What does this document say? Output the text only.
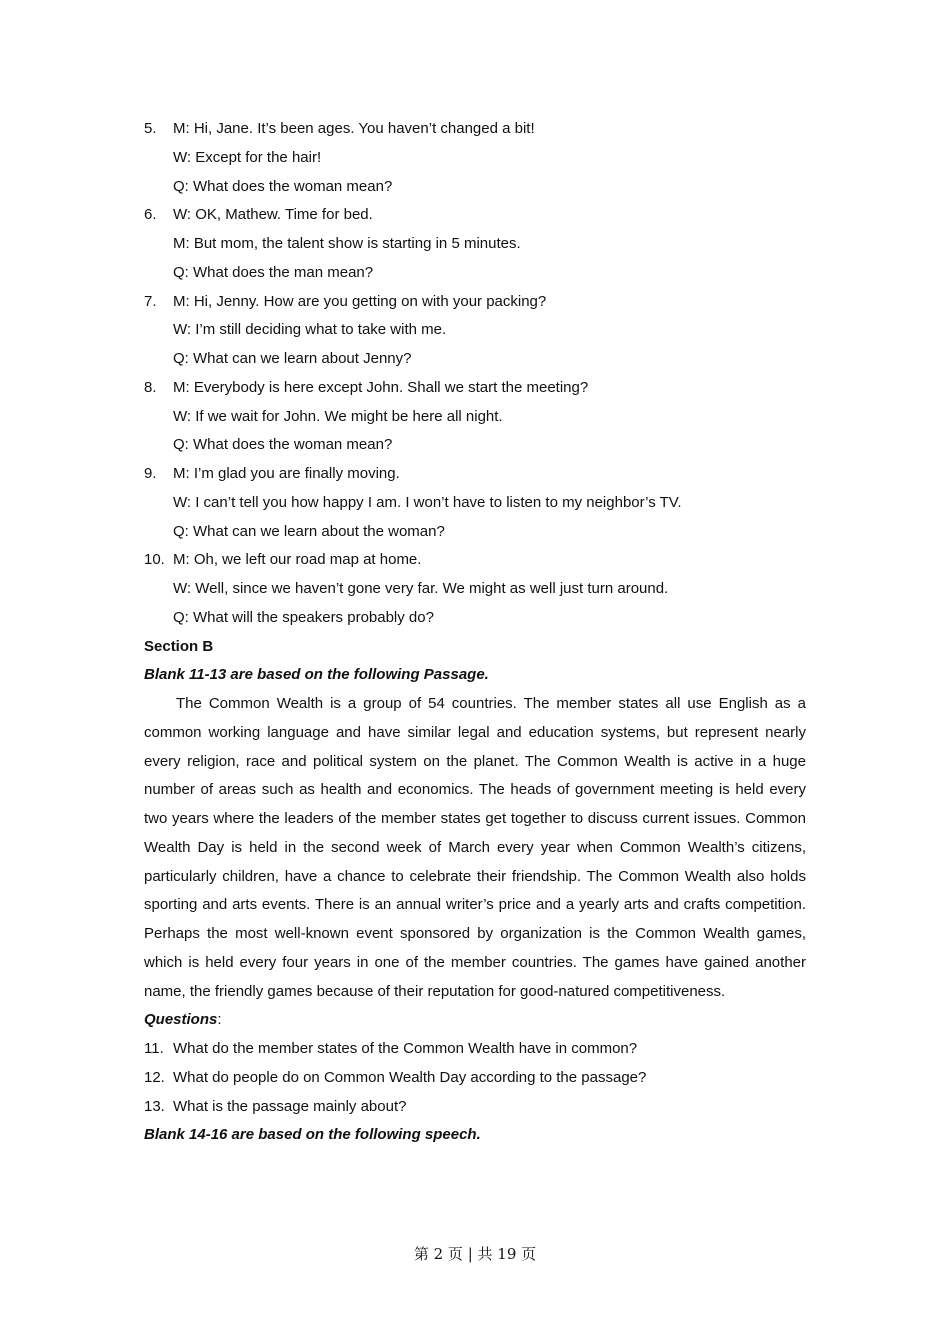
5. M: Hi, Jane. It’s been ages. You haven’t changed a bit!
W: Except for the hair!
Q: What does the woman mean?
6. W: OK, Mathew. Time for bed.
M: But mom, the talent show is starting in 5 minutes.
Q: What does the man mean?
7. M: Hi, Jenny. How are you getting on with your packing?
W: I’m still deciding what to take with me.
Q: What can we learn about Jenny?
8. M: Everybody is here except John. Shall we start the meeting?
W: If we wait for John. We might be here all night.
Q: What does the woman mean?
9. M: I’m glad you are finally moving.
W: I can’t tell you how happy I am. I won’t have to listen to my neighbor’s TV.
Q: What can we learn about the woman?
10. M: Oh, we left our road map at home.
W: Well, since we haven’t gone very far. We might as well just turn around.
Q: What will the speakers probably do?
Section B
Blank 11-13 are based on the following Passage.

The Common Wealth is a group of 54 countries. The member states all use English as a common working language and have similar legal and education systems, but represent nearly every religion, race and political system on the planet. The Common Wealth is active in a huge number of areas such as health and economics. The heads of government meeting is held every two years where the leaders of the member states get together to discuss current issues. Common Wealth Day is held in the second week of March every year when Common Wealth’s citizens, particularly children, have a chance to celebrate their friendship. The Common Wealth also holds sporting and arts events. There is an annual writer’s price and a yearly arts and crafts competition. Perhaps the most well-known event sponsored by organization is the Common Wealth games, which is held every four years in one of the member countries. The games have gained another name, the friendly games because of their reputation for good-natured competitiveness.

Questions:
11. What do the member states of the Common Wealth have in common?
12. What do people do on Common Wealth Day according to the passage?
13. What is the passage mainly about?
Blank 14-16 are based on the following speech.
第 2 页 | 共 19 页
